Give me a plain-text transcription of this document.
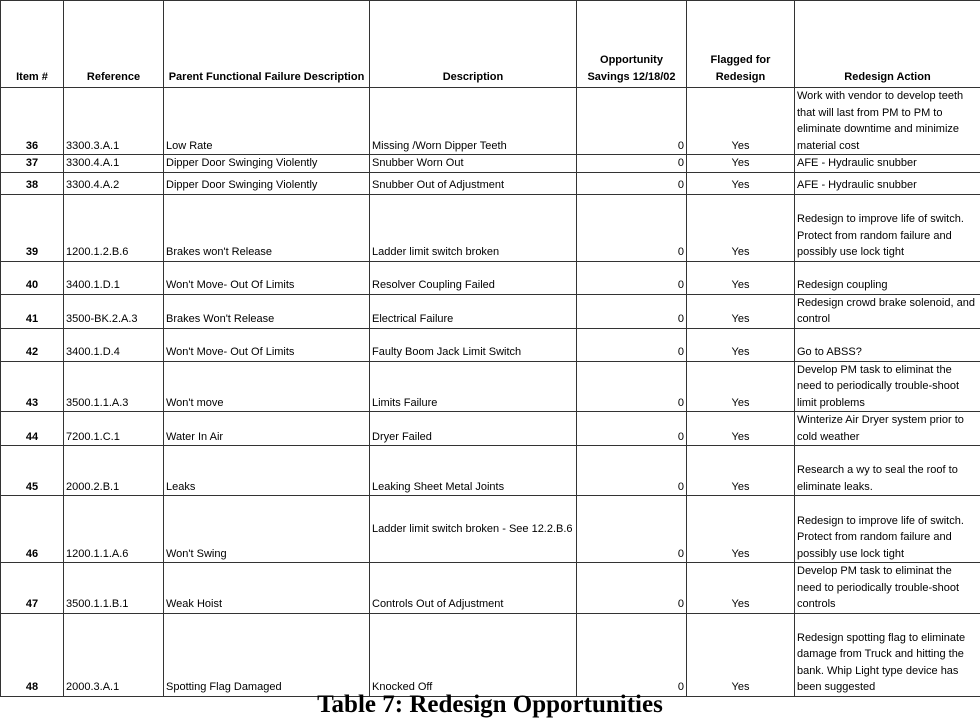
Item #	Reference	Parent Functional Failure Description	Description	Opportunity Savings 12/18/02	Flagged for Redesign	Redesign Action
36	3300.3.A.1	Low Rate	Missing /Worn Dipper Teeth	0	Yes	Work with vendor to develop teeth that will last from PM to PM to eliminate downtime and minimize material cost
37	3300.4.A.1	Dipper Door Swinging Violently	Snubber Worn Out	0	Yes	AFE - Hydraulic snubber
38	3300.4.A.2	Dipper Door Swinging Violently	Snubber Out of Adjustment	0	Yes	AFE - Hydraulic snubber
39	1200.1.2.B.6	Brakes won't Release	Ladder limit switch broken	0	Yes	Redesign to improve life of switch. Protect from random failure and possibly use lock tight
40	3400.1.D.1	Won't Move- Out Of Limits	Resolver Coupling Failed	0	Yes	Redesign coupling
41	3500-BK.2.A.3	Brakes Won't Release	Electrical Failure	0	Yes	Redesign crowd brake solenoid, and control
42	3400.1.D.4	Won't Move- Out Of Limits	Faulty Boom Jack Limit Switch	0	Yes	Go to ABSS?
43	3500.1.1.A.3	Won't move	Limits Failure	0	Yes	Develop PM task to eliminat the need to periodically trouble-shoot limit problems
44	7200.1.C.1	Water In Air	Dryer Failed	0	Yes	Winterize Air Dryer system prior to cold weather
45	2000.2.B.1	Leaks	Leaking Sheet Metal Joints	0	Yes	Research a wy to seal the roof to eliminate leaks.
46	1200.1.1.A.6	Won't Swing	Ladder limit switch broken - See 12.2.B.6	0	Yes	Redesign to improve life of switch. Protect from random failure and possibly use lock tight
47	3500.1.1.B.1	Weak Hoist	Controls Out of Adjustment	0	Yes	Develop PM task to eliminat the need to periodically trouble-shoot controls
48	2000.3.A.1	Spotting Flag Damaged	Knocked Off	0	Yes	Redesign spotting flag to eliminate damage from Truck and hitting the bank. Whip Light type device has been suggested
Table 7: Redesign Opportunities
